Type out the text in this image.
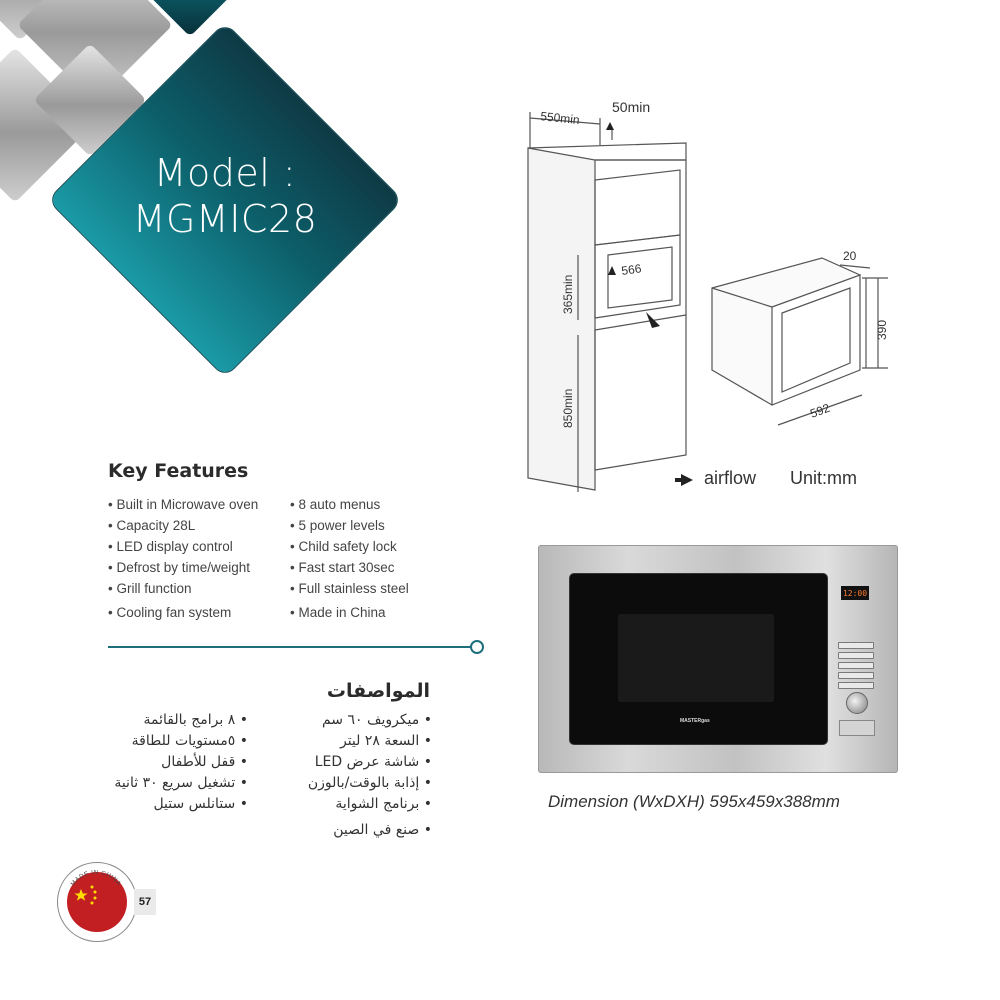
Model :
MGMIC28
550min
50min
566
365min
850min
20
390
592
airflow Unit:mm
Key Features
• Built in Microwave oven
• Capacity 28L
• LED display control
• Defrost by time/weight
• Grill function
• Cooling fan system
• 8 auto menus
• 5 power levels
• Child safety lock
• Fast start 30sec
• Full stainless steel
• Made in China
المواصفات
• ميكرويف ٦٠ سم
• السعة ٢٨ ليتر
• شاشة عرض LED
• إذابة بالوقت/بالوزن
• برنامج الشواية
• صنع في الصين
• ٨ برامج بالقائمة
• ٥مستويات للطاقة
• قفل للأطفال
• تشغيل سريع ٣٠ ثانية
• ستانلس ستيل
MASTERgas
12:00
Dimension (WxDXH) 595x459x388mm
MADE IN CHINA
57
